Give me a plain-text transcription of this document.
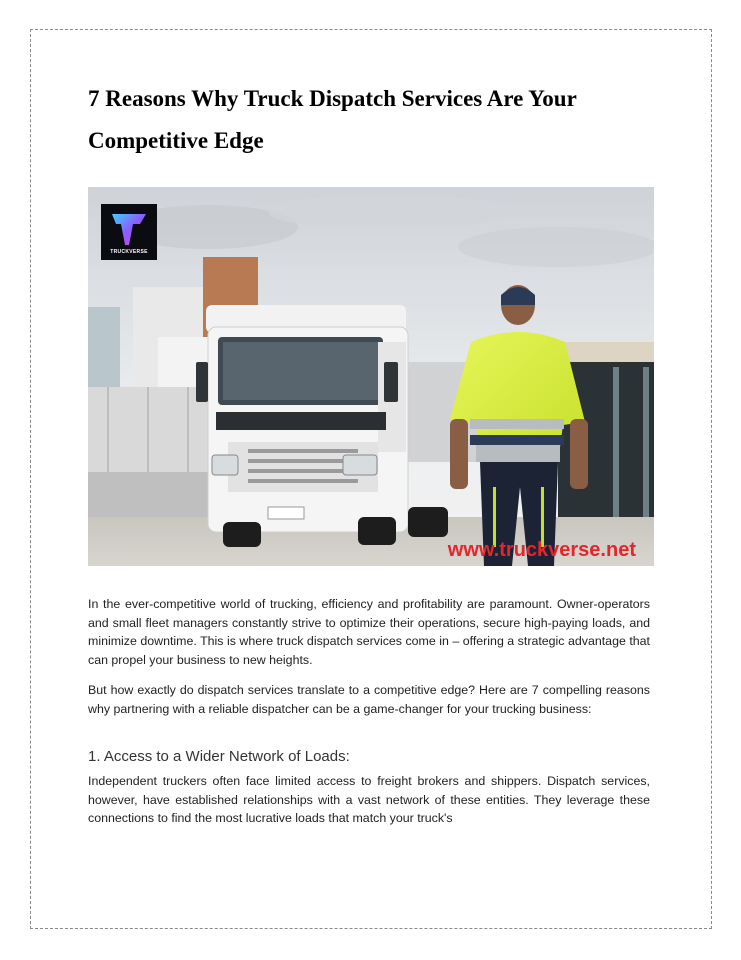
7 Reasons Why Truck Dispatch Services Are Your Competitive Edge
TRUCKVERSE
www.truckverse.net

In the ever-competitive world of trucking, efficiency and profitability are paramount. Owner-operators and small fleet managers constantly strive to optimize their operations, secure high-paying loads, and minimize downtime. This is where truck dispatch services come in – offering a strategic advantage that can propel your business to new heights.

But how exactly do dispatch services translate to a competitive edge? Here are 7 compelling reasons why partnering with a reliable dispatcher can be a game-changer for your trucking business:

1. Access to a Wider Network of Loads:

Independent truckers often face limited access to freight brokers and shippers. Dispatch services, however, have established relationships with a vast network of these entities. They leverage these connections to find the most lucrative loads that match your truck's
